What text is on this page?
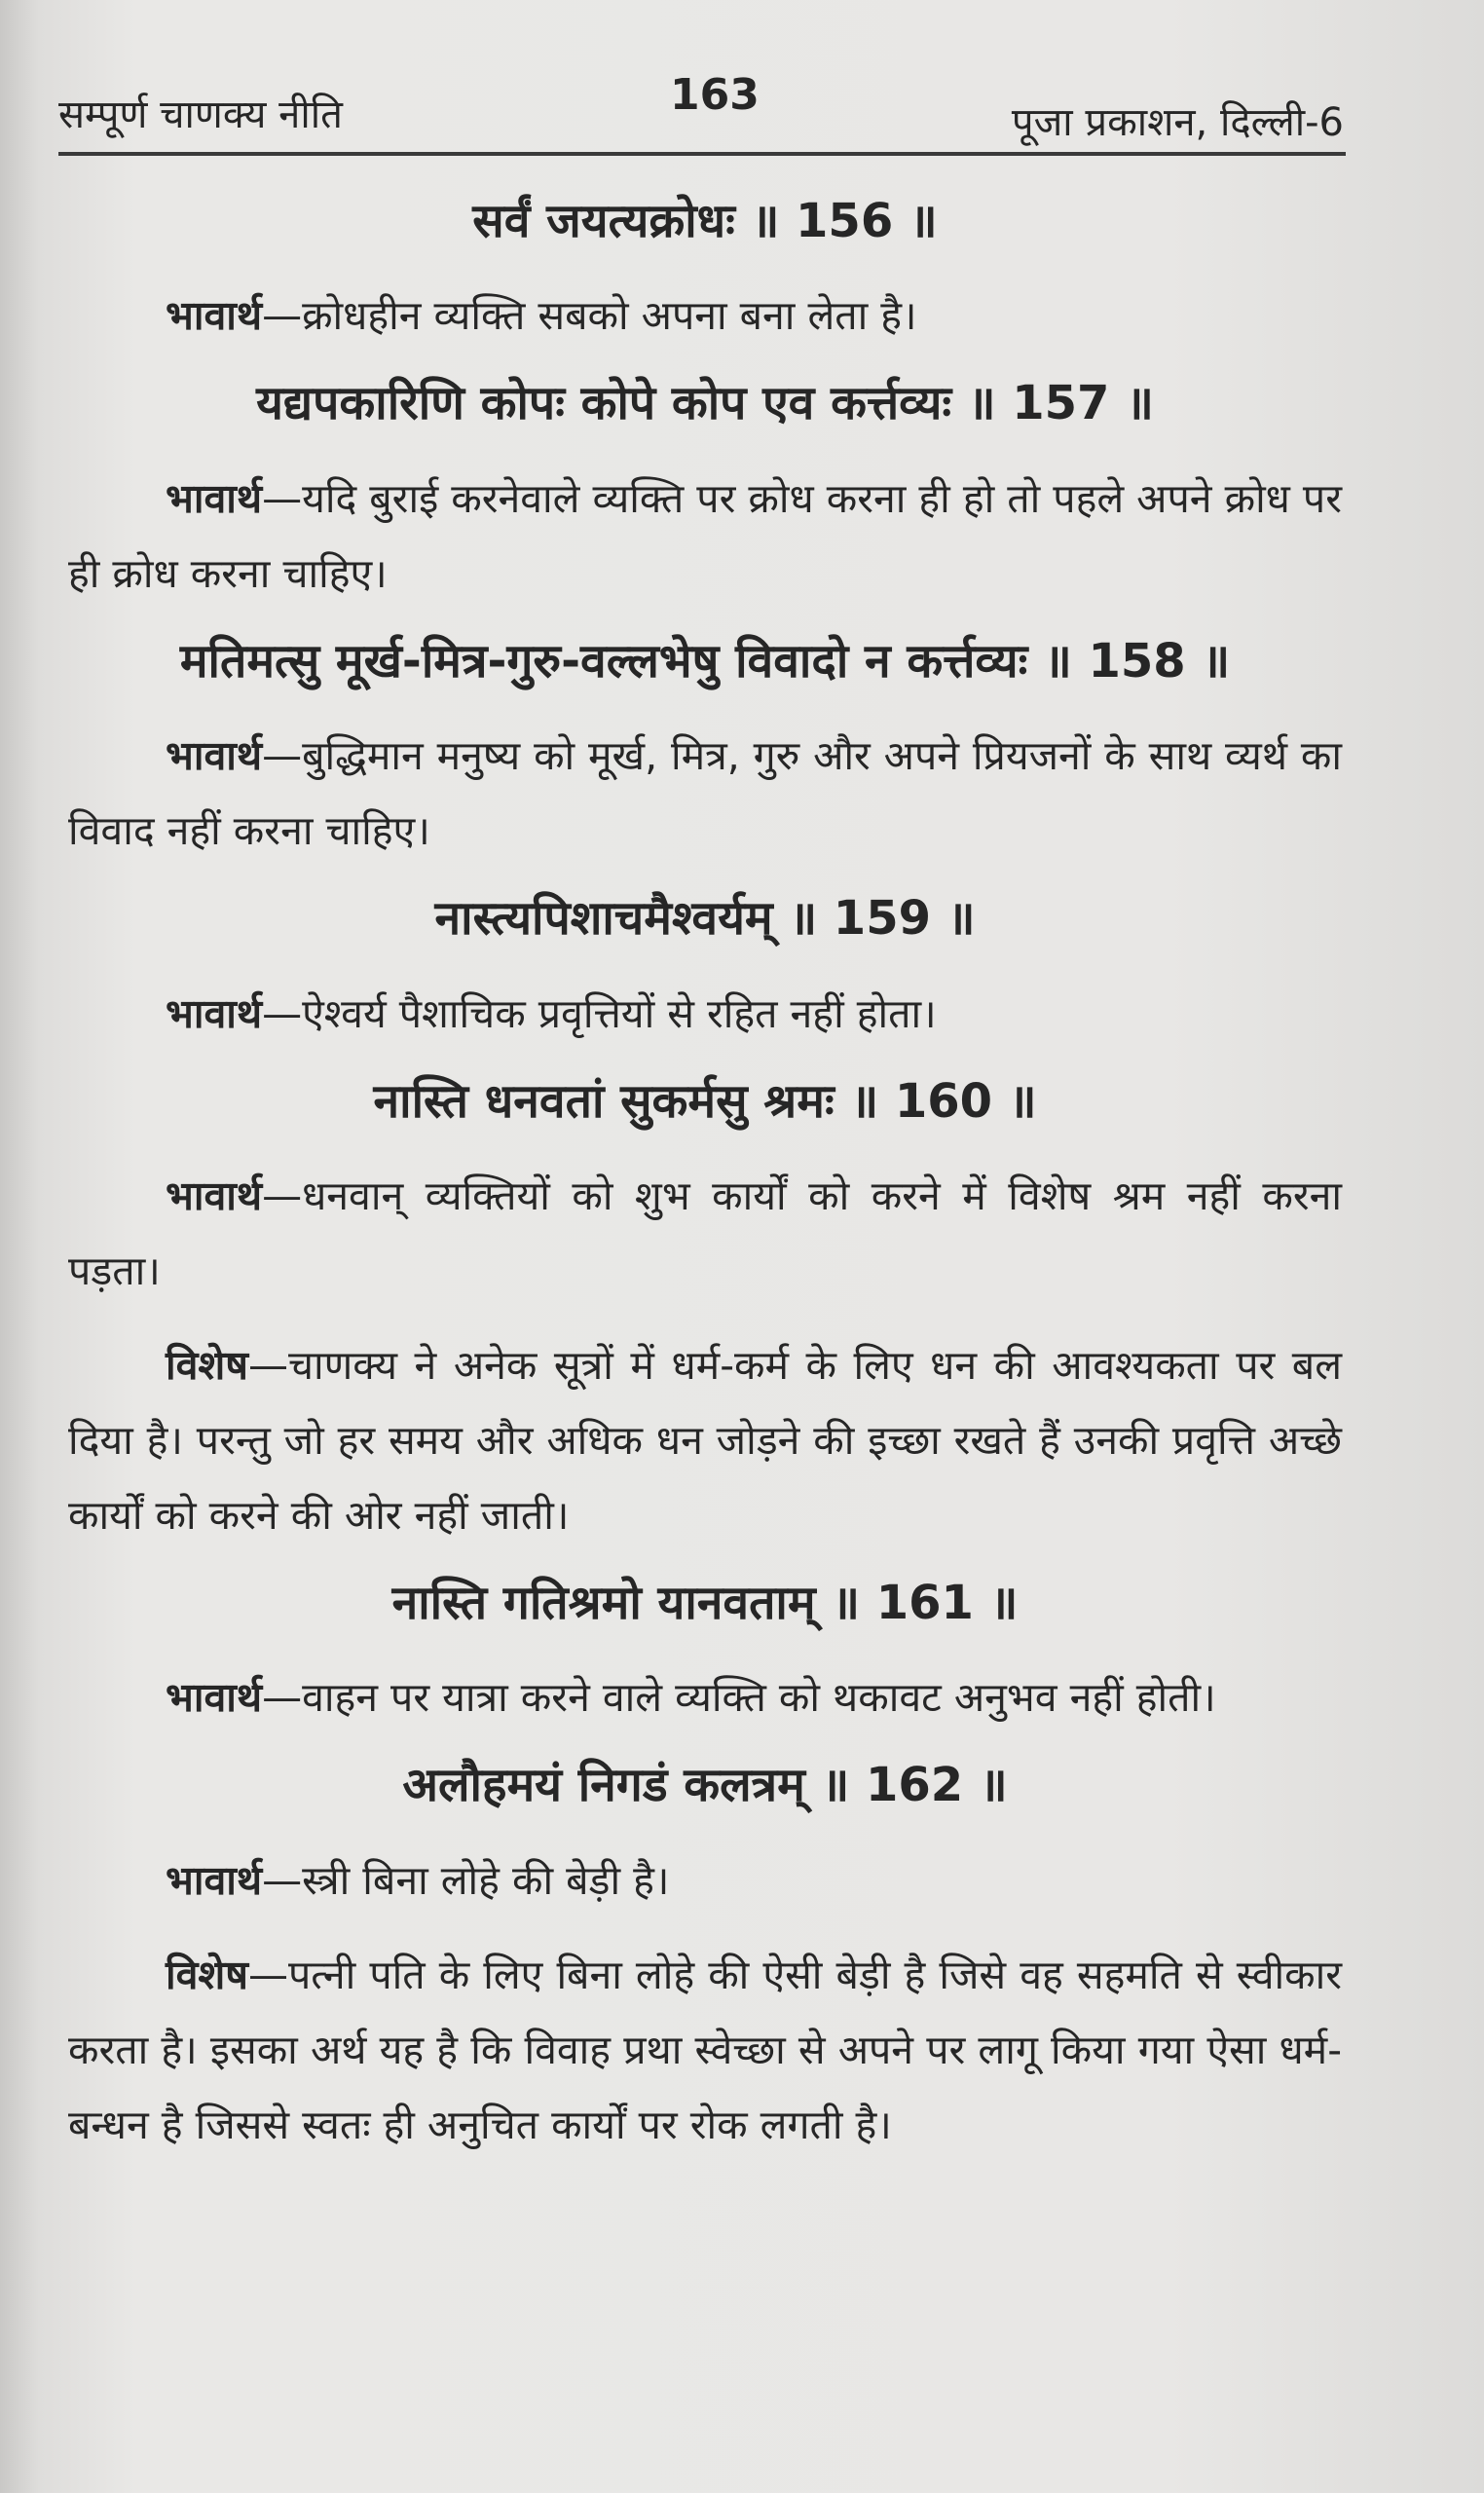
सम्पूर्ण चाणक्य नीति	163
पूजा प्रकाशन, दिल्ली-6
सर्वं जयत्यक्रोधः ॥ 156 ॥

भावार्थ—क्रोधहीन व्यक्ति सबको अपना बना लेता है।

यद्यपकारिणि कोपः कोपे कोप एव कर्त्तव्यः ॥ 157 ॥

भावार्थ—यदि बुराई करनेवाले व्यक्ति पर क्रोध करना ही हो तो पहले अपने क्रोध पर ही क्रोध करना चाहिए।

मतिमत्सु मूर्ख-मित्र-गुरु-वल्लभेषु विवादो न कर्त्तव्यः ॥ 158 ॥

भावार्थ—बुद्धिमान मनुष्य को मूर्ख, मित्र, गुरु और अपने प्रियजनों के साथ व्यर्थ का विवाद नहीं करना चाहिए।

नास्त्यपिशाचमैश्वर्यम् ॥ 159 ॥

भावार्थ—ऐश्वर्य पैशाचिक प्रवृत्तियों से रहित नहीं होता।

नास्ति धनवतां सुकर्मसु श्रमः ॥ 160 ॥

भावार्थ—धनवान् व्यक्तियों को शुभ कार्यों को करने में विशेष श्रम नहीं करना पड़ता।

विशेष—चाणक्य ने अनेक सूत्रों में धर्म-कर्म के लिए धन की आवश्यकता पर बल दिया है। परन्तु जो हर समय और अधिक धन जोड़ने की इच्छा रखते हैं उनकी प्रवृत्ति अच्छे कार्यों को करने की ओर नहीं जाती।

नास्ति गतिश्रमो यानवताम् ॥ 161 ॥

भावार्थ—वाहन पर यात्रा करने वाले व्यक्ति को थकावट अनुभव नहीं होती।

अलौहमयं निगडं कलत्रम् ॥ 162 ॥

भावार्थ—स्त्री बिना लोहे की बेड़ी है।

विशेष—पत्नी पति के लिए बिना लोहे की ऐसी बेड़ी है जिसे वह सहमति से स्वीकार करता है। इसका अर्थ यह है कि विवाह प्रथा स्वेच्छा से अपने पर लागू किया गया ऐसा धर्म-बन्धन है जिससे स्वतः ही अनुचित कार्यों पर रोक लगती है।
